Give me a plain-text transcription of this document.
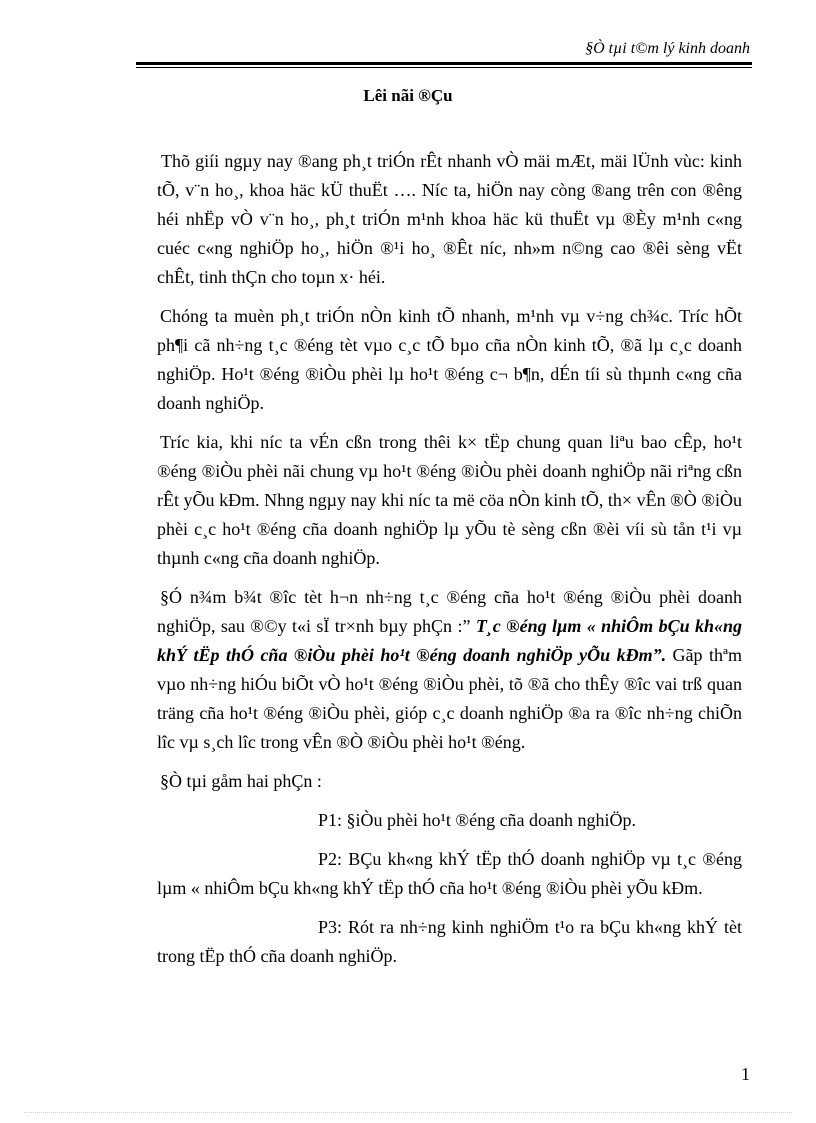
§Ò tµi t©m lý kinh doanh
Lêi nãi ®Çu

Thõ giíi ngµy nay ®ang ph¸t triÓn rÊt nhanh vÒ mäi mÆt, mäi lÜnh vùc: kinh tÕ, v¨n ho¸, khoa häc kÜ thuËt …. Níc ta, hiÖn nay còng ®ang trên con ®êng héi nhËp vÒ v¨n ho¸, ph¸t triÓn m¹nh khoa häc kü thuËt vµ ®Èy m¹nh c«ng cuéc c«ng nghiÖp ho¸, hiÖn ®¹i ho¸ ®Êt níc, nh»m n©ng cao ®êi sèng vËt chÊt, tinh thÇn cho toµn x· héi.

Chóng ta muèn ph¸t triÓn nÒn kinh tÕ nhanh, m¹nh vµ v÷ng ch¾c. Tríc hÕt ph¶i cã nh÷ng t¸c ®éng tèt vµo c¸c tÕ bµo cña nÒn kinh tÕ, ®ã lµ c¸c doanh nghiÖp. Ho¹t ®éng ®iÒu phèi lµ ho¹t ®éng c¬ b¶n, dÉn tíi sù thµnh c«ng cña doanh nghiÖp.

Tríc kia, khi níc ta vÉn cßn trong thêi k× tËp chung quan liªu bao cÊp, ho¹t ®éng ®iÒu phèi nãi chung vµ ho¹t ®éng ®iÒu phèi doanh nghiÖp nãi riªng cßn rÊt yÕu kÐm. Nhng ngµy nay khi níc ta më cöa nÒn kinh tÕ, th× vÊn ®Ò ®iÒu phèi c¸c ho¹t ®éng cña doanh nghiÖp lµ yÕu tè sèng cßn ®èi víi sù tån t¹i vµ thµnh c«ng cña doanh nghiÖp.

§Ó n¾m b¾t ®îc tèt h¬n nh÷ng t¸c ®éng cña ho¹t ®éng ®iÒu phèi doanh nghiÖp, sau ®©y t«i sÏ tr×nh bµy phÇn :” T¸c ®éng lµm « nhiÔm bÇu kh«ng khÝ tËp thÓ cña ®iÒu phèi ho¹t ®éng doanh nghiÖp yÕu kÐm”. Gãp thªm vµo nh÷ng hiÓu biÕt vÒ ho¹t ®éng ®iÒu phèi, tõ ®ã cho thÊy ®îc vai trß quan träng cña ho¹t ®éng ®iÒu phèi, gióp c¸c doanh nghiÖp ®a ra ®îc nh÷ng chiÕn lîc vµ s¸ch lîc trong vÊn ®Ò ®iÒu phèi ho¹t ®éng.

§Ò tµi gåm hai phÇn :

P1: §iÒu phèi ho¹t ®éng cña doanh nghiÖp.

P2: BÇu kh«ng khÝ tËp thÓ doanh nghiÖp vµ t¸c ®éng lµm « nhiÔm bÇu kh«ng khÝ tËp thÓ cña ho¹t ®éng ®iÒu phèi yÕu kÐm.

P3: Rót ra nh÷ng kinh nghiÖm t¹o ra bÇu kh«ng khÝ tèt trong tËp thÓ cña doanh nghiÖp.

1
